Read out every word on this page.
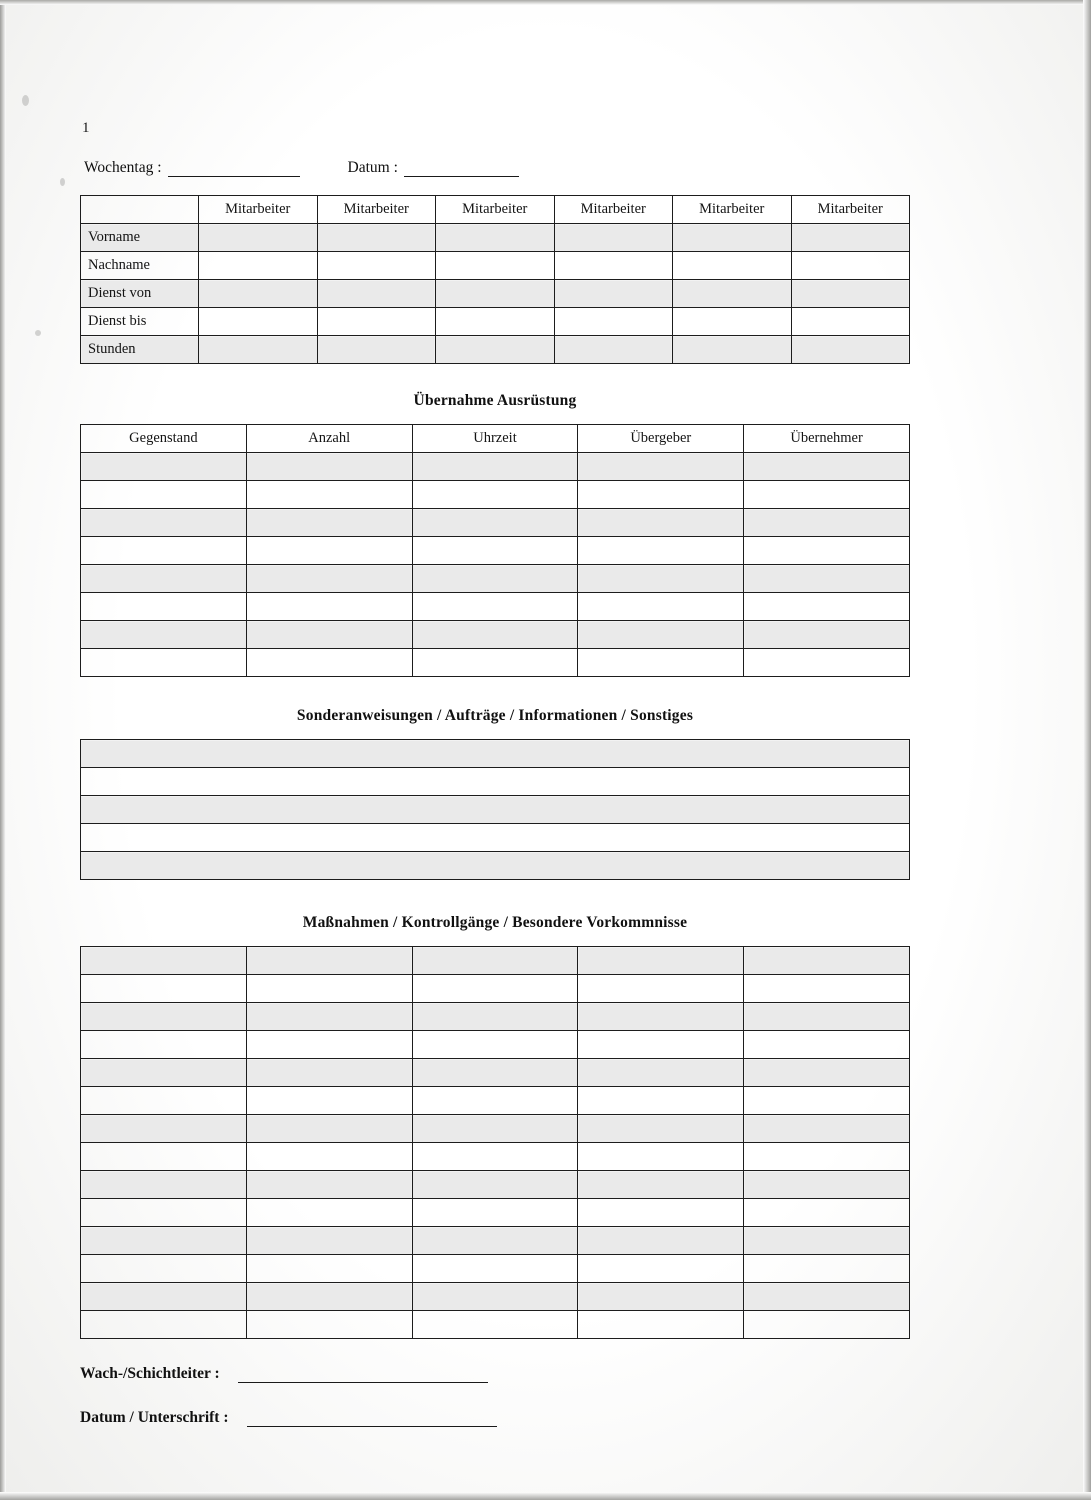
1
Wochentag :	Datum :
	Mitarbeiter	Mitarbeiter	Mitarbeiter	Mitarbeiter	Mitarbeiter	Mitarbeiter
Vorname						
Nachname						
Dienst von						
Dienst bis						
Stunden						
Übernahme Ausrüstung
Gegenstand	Anzahl	Uhrzeit	Übergeber	Übernehmer

Sonderanweisungen / Aufträge / Informationen / Sonstiges

Maßnahmen / Kontrollgänge / Besondere Vorkommnisse

Wach-/Schichtleiter :
Datum / Unterschrift :
